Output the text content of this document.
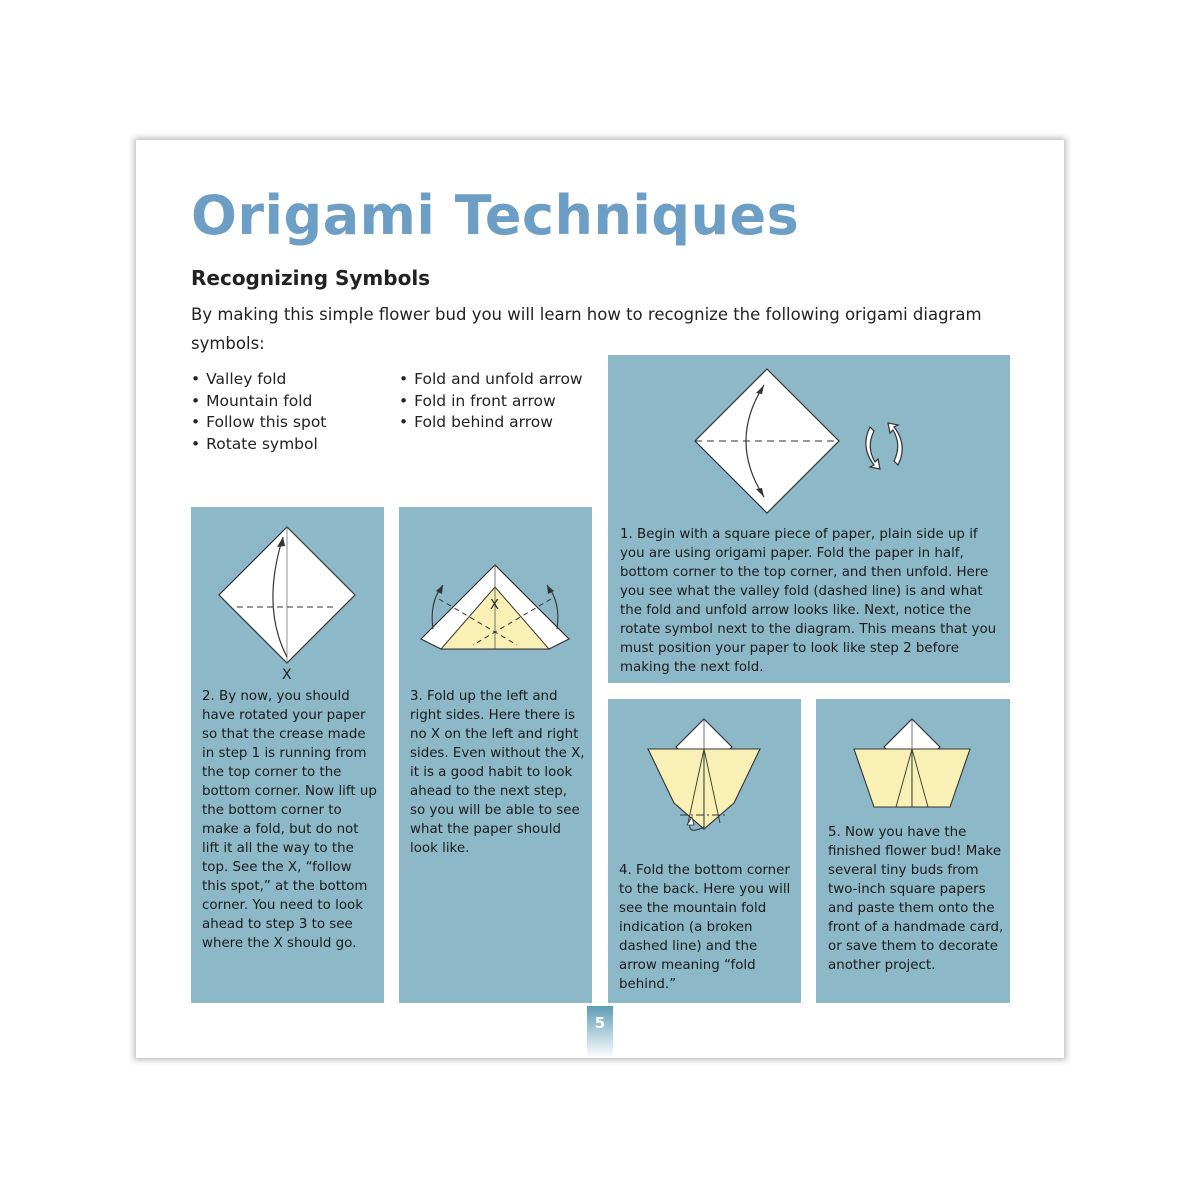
Origami Techniques
Recognizing Symbols

By making this simple flower bud you will learn how to recognize the following origami diagram symbols:

• Valley fold
• Mountain fold
• Follow this spot
• Rotate symbol
• Fold and unfold arrow
• Fold in front arrow
• Fold behind arrow

1. Begin with a square piece of paper, plain side up if you are using origami paper. Fold the paper in half, bottom corner to the top corner, and then unfold. Here you see what the valley fold (dashed line) is and what the fold and unfold arrow looks like. Next, notice the rotate symbol next to the diagram. This means that you must position your paper to look like step 2 before making the next fold.

X

2. By now, you should have rotated your paper so that the crease made in step 1 is running from the top corner to the bottom corner. Now lift up the bottom corner to make a fold, but do not lift it all the way to the top. See the X, “follow this spot,” at the bottom corner. You need to look ahead to step 3 to see where the X should go.

X

3. Fold up the left and right sides. Here there is no X on the left and right sides. Even without the X, it is a good habit to look ahead to the next step, so you will be able to see what the paper should look like.

4. Fold the bottom corner to the back. Here you will see the mountain fold indication (a broken dashed line) and the arrow meaning “fold behind.”

5. Now you have the finished flower bud! Make several tiny buds from two-inch square papers and paste them onto the front of a handmade card, or save them to decorate another project.

5
